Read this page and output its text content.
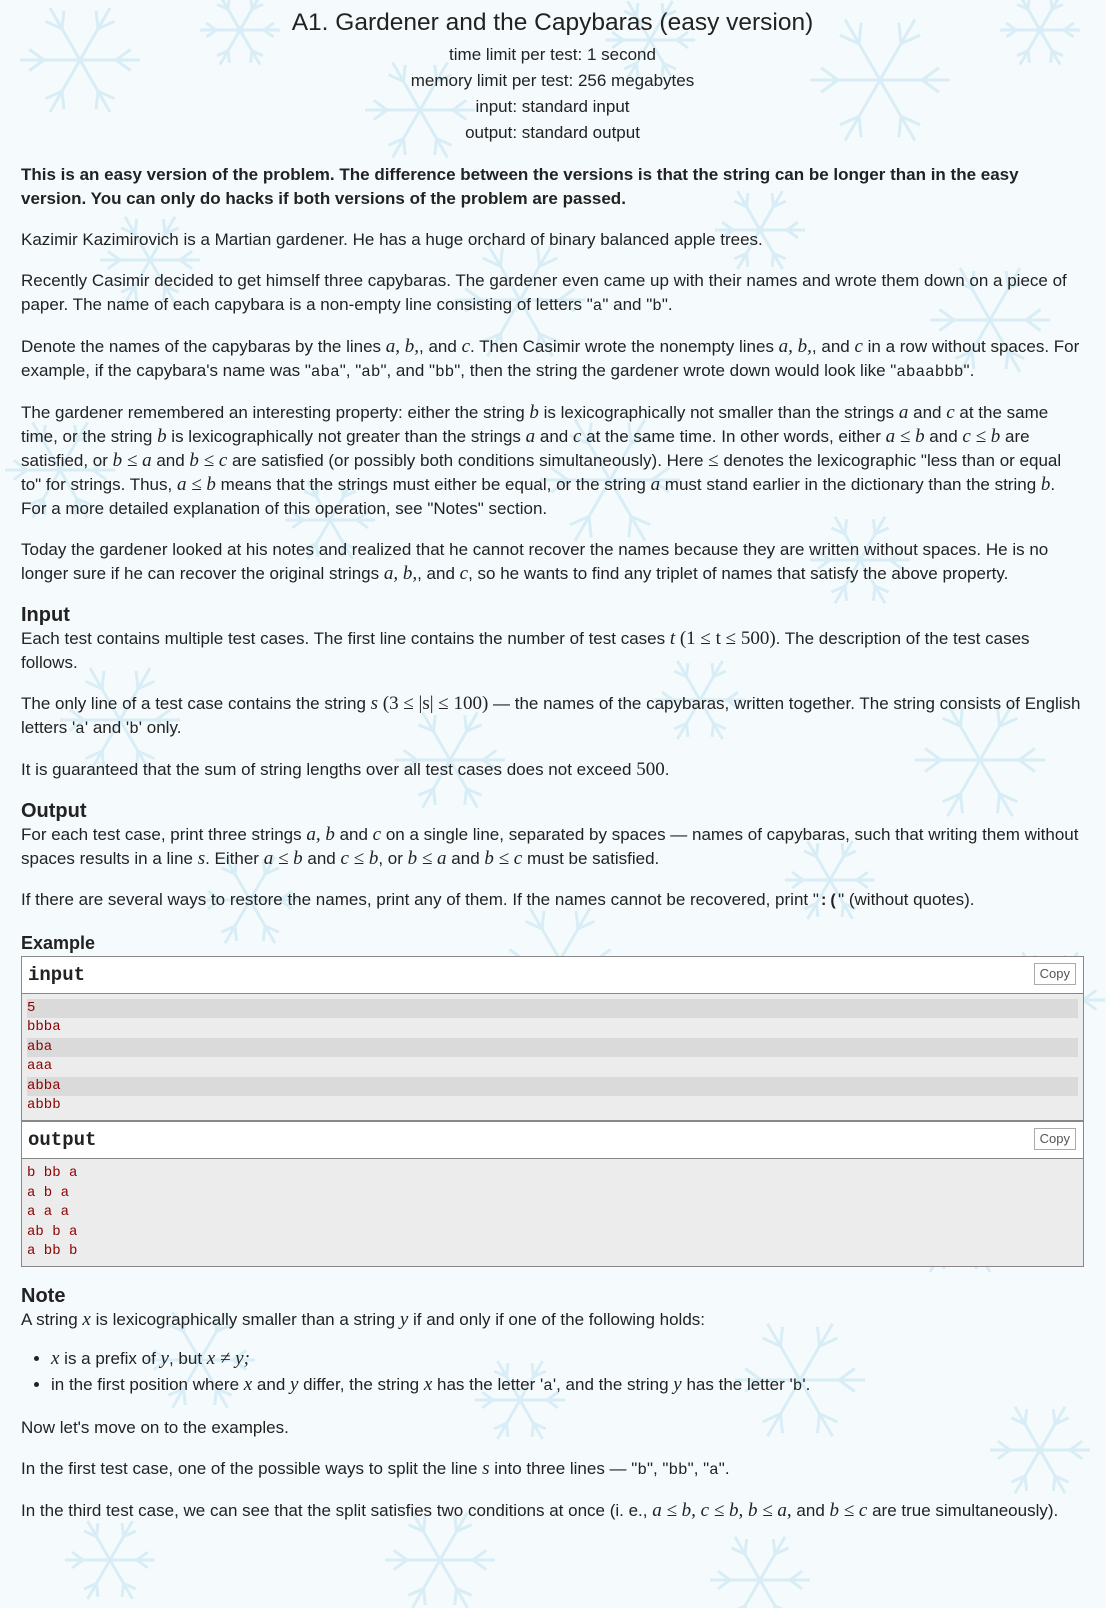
A1. Gardener and the Capybaras (easy version)
time limit per test: 1 second
memory limit per test: 256 megabytes
input: standard input
output: standard output

This is an easy version of the problem. The difference between the versions is that the string can be longer than in the easy version. You can only do hacks if both versions of the problem are passed.

Kazimir Kazimirovich is a Martian gardener. He has a huge orchard of binary balanced apple trees.

Recently Casimir decided to get himself three capybaras. The gardener even came up with their names and wrote them down on a piece of paper. The name of each capybara is a non-empty line consisting of letters "a" and "b".

Denote the names of the capybaras by the lines a, b,, and c. Then Casimir wrote the nonempty lines a, b,, and c in a row without spaces. For example, if the capybara's name was "aba", "ab", and "bb", then the string the gardener wrote down would look like "abaabbb".

The gardener remembered an interesting property: either the string b is lexicographically not smaller than the strings a and c at the same time, or the string b is lexicographically not greater than the strings a and c at the same time. In other words, either a ≤ b and c ≤ b are satisfied, or b ≤ a and b ≤ c are satisfied (or possibly both conditions simultaneously). Here ≤ denotes the lexicographic "less than or equal to" for strings. Thus, a ≤ b means that the strings must either be equal, or the string a must stand earlier in the dictionary than the string b. For a more detailed explanation of this operation, see "Notes" section.

Today the gardener looked at his notes and realized that he cannot recover the names because they are written without spaces. He is no longer sure if he can recover the original strings a, b,, and c, so he wants to find any triplet of names that satisfy the above property.

Input

Each test contains multiple test cases. The first line contains the number of test cases t (1 ≤ t ≤ 500). The description of the test cases follows.

The only line of a test case contains the string s (3 ≤ |s| ≤ 100) — the names of the capybaras, written together. The string consists of English letters 'a' and 'b' only.

It is guaranteed that the sum of string lengths over all test cases does not exceed 500.

Output

For each test case, print three strings a, b and c on a single line, separated by spaces — names of capybaras, such that writing them without spaces results in a line s. Either a ≤ b and c ≤ b, or b ≤ a and b ≤ c must be satisfied.

If there are several ways to restore the names, print any of them. If the names cannot be recovered, print ":(" (without quotes).

Example
input	Copy
5
bbba
aba
aaa
abba
abbb
output	Copy
b bb a
a b a
a a a
ab b a
a bb b
Note

A string x is lexicographically smaller than a string y if and only if one of the following holds:

• x is a prefix of y, but x ≠ y;
• in the first position where x and y differ, the string x has the letter 'a', and the string y has the letter 'b'.

Now let's move on to the examples.

In the first test case, one of the possible ways to split the line s into three lines — "b", "bb", "a".

In the third test case, we can see that the split satisfies two conditions at once (i. e., a ≤ b, c ≤ b, b ≤ a, and b ≤ c are true simultaneously).
